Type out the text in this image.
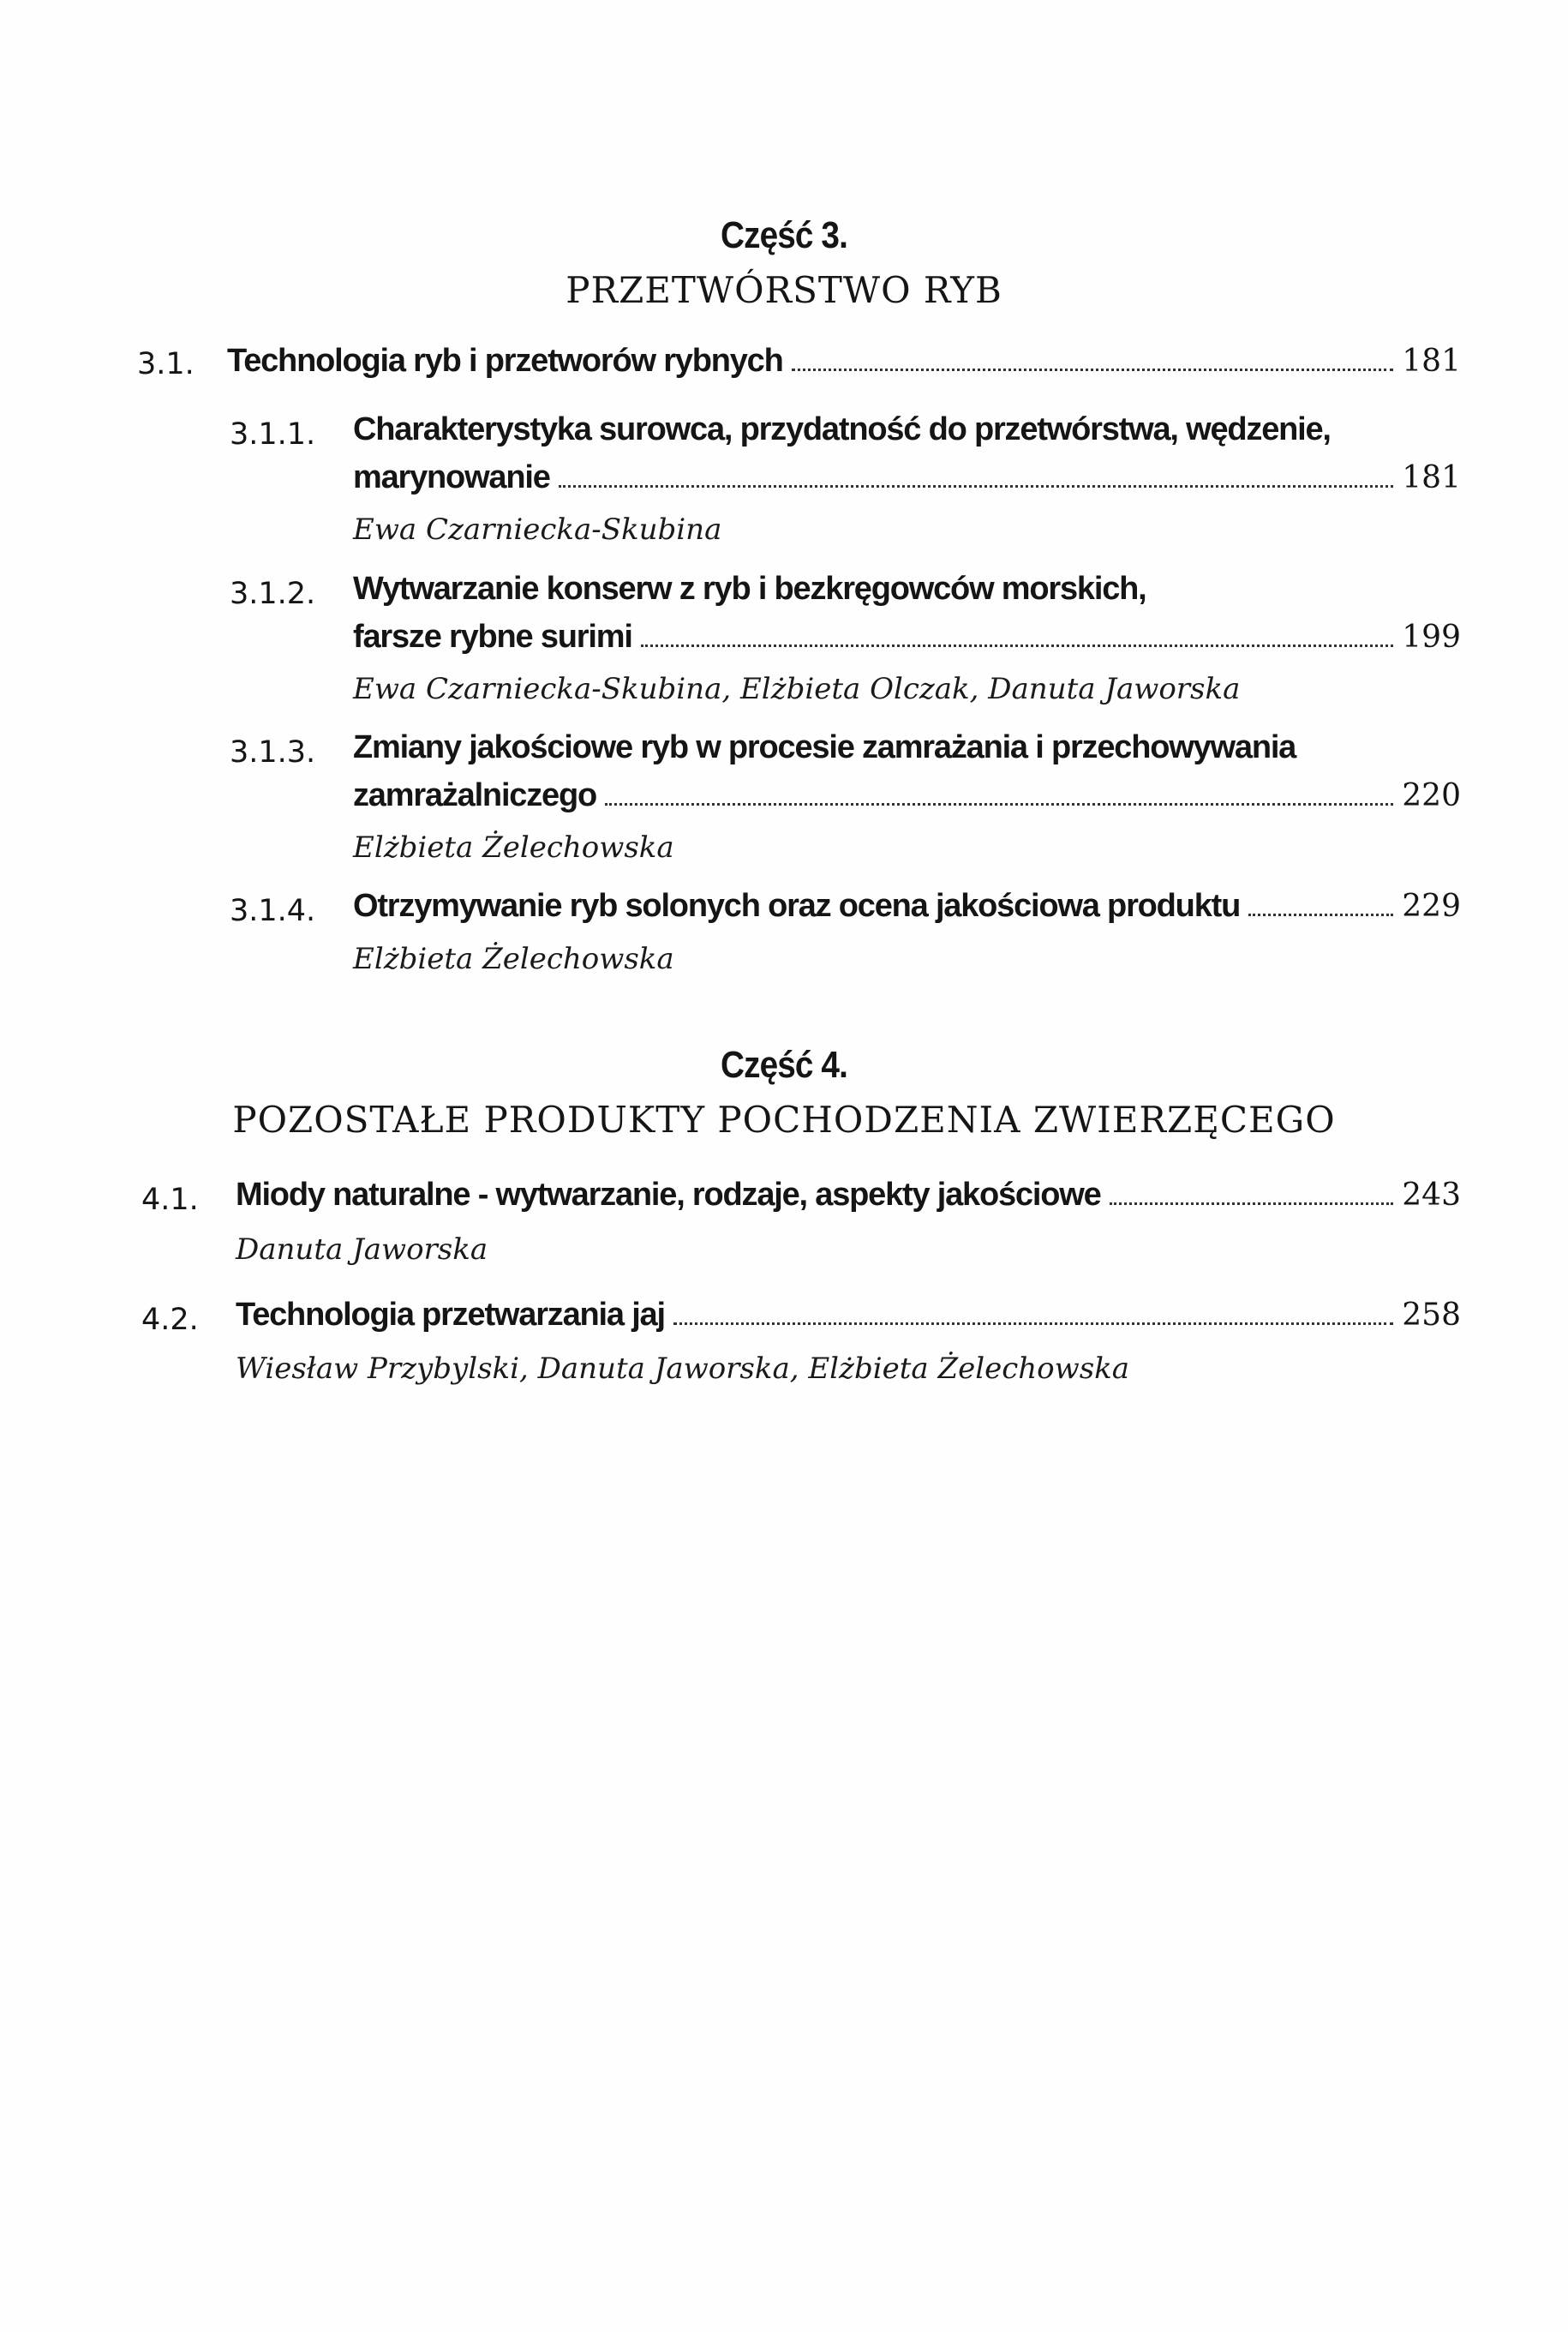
Część 3.
PRZETWÓRSTWO RYB
3.1. Technologia ryb i przetworów rybnych	181
3.1.1. Charakterystyka surowca, przydatność do przetwórstwa, wędzenie,
marynowanie	181
Ewa Czarniecka-Skubina
3.1.2. Wytwarzanie konserw z ryb i bezkręgowców morskich,
farsze rybne surimi	199
Ewa Czarniecka-Skubina, Elżbieta Olczak, Danuta Jaworska
3.1.3. Zmiany jakościowe ryb w procesie zamrażania i przechowywania
zamrażalniczego	220
Elżbieta Żelechowska
3.1.4. Otrzymywanie ryb solonych oraz ocena jakościowa produktu	229
Elżbieta Żelechowska
Część 4.
POZOSTAŁE PRODUKTY POCHODZENIA ZWIERZĘCEGO
4.1. Miody naturalne - wytwarzanie, rodzaje, aspekty jakościowe	243
Danuta Jaworska
4.2. Technologia przetwarzania jaj	258
Wiesław Przybylski, Danuta Jaworska, Elżbieta Żelechowska
